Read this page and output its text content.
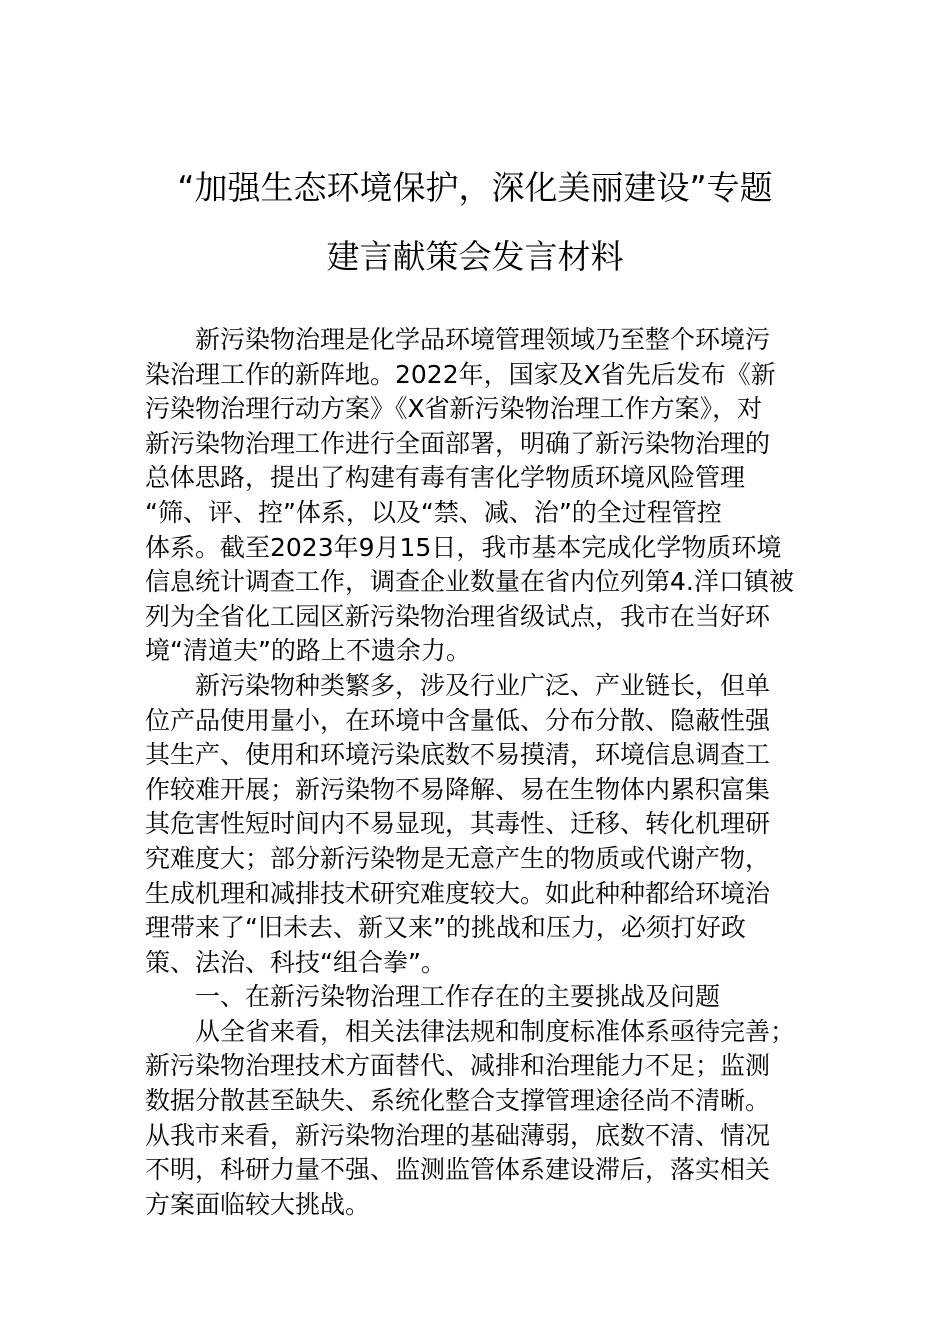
“加强生态环境保护，深化美丽建设”专题
建言献策会发言材料
新污染物治理是化学品环境管理领域乃至整个环境污
染治理工作的新阵地。2022年，国家及X省先后发布《新
污染物治理行动方案》《X省新污染物治理工作方案》，对
新污染物治理工作进行全面部署，明确了新污染物治理的
总体思路，提出了构建有毒有害化学物质环境风险管理
“筛、评、控”体系，以及“禁、减、治”的全过程管控
体系。截至2023年9月15日，我市基本完成化学物质环境
信息统计调查工作，调查企业数量在省内位列第4.洋口镇被
列为全省化工园区新污染物治理省级试点，我市在当好环
境“清道夫”的路上不遗余力。
新污染物种类繁多，涉及行业广泛、产业链长，但单
位产品使用量小，在环境中含量低、分布分散、隐蔽性强
其生产、使用和环境污染底数不易摸清，环境信息调查工
作较难开展；新污染物不易降解、易在生物体内累积富集
其危害性短时间内不易显现，其毒性、迁移、转化机理研
究难度大；部分新污染物是无意产生的物质或代谢产物，
生成机理和减排技术研究难度较大。如此种种都给环境治
理带来了“旧未去、新又来”的挑战和压力，必须打好政
策、法治、科技“组合拳”。
一、在新污染物治理工作存在的主要挑战及问题
从全省来看，相关法律法规和制度标准体系亟待完善；
新污染物治理技术方面替代、减排和治理能力不足；监测
数据分散甚至缺失、系统化整合支撑管理途径尚不清晰。
从我市来看，新污染物治理的基础薄弱，底数不清、情况
不明，科研力量不强、监测监管体系建设滞后，落实相关
方案面临较大挑战。
